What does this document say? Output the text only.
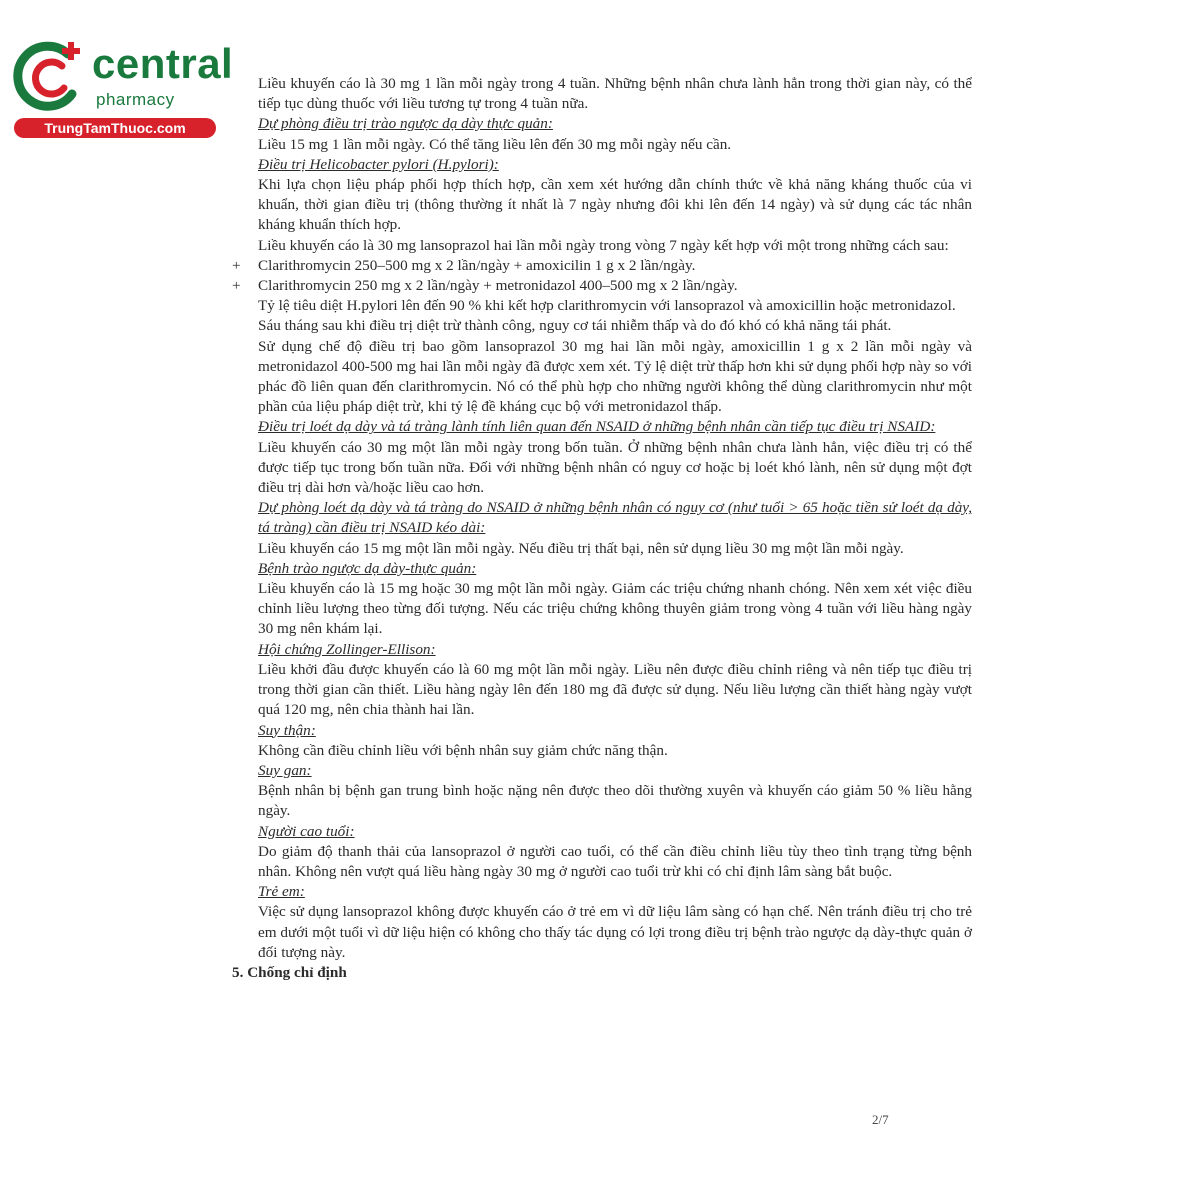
central
pharmacy
TrungTamThuoc.com

Liều khuyến cáo là 30 mg 1 lần mỗi ngày trong 4 tuần. Những bệnh nhân chưa lành hẳn trong thời gian này, có thể tiếp tục dùng thuốc với liều tương tự trong 4 tuần nữa.

Dự phòng điều trị trào ngược dạ dày thực quản:

Liều 15 mg 1 lần mỗi ngày. Có thể tăng liều lên đến 30 mg mỗi ngày nếu cần.

Điều trị Helicobacter pylori (H.pylori):

Khi lựa chọn liệu pháp phối hợp thích hợp, cần xem xét hướng dẫn chính thức về khả năng kháng thuốc của vi khuẩn, thời gian điều trị (thông thường ít nhất là 7 ngày nhưng đôi khi lên đến 14 ngày) và sử dụng các tác nhân kháng khuẩn thích hợp.

Liều khuyến cáo là 30 mg lansoprazol hai lần mỗi ngày trong vòng 7 ngày kết hợp với một trong những cách sau:

+ Clarithromycin 250–500 mg x 2 lần/ngày + amoxicilin 1 g x 2 lần/ngày.

+ Clarithromycin 250 mg x 2 lần/ngày + metronidazol 400–500 mg x 2 lần/ngày.

Tỷ lệ tiêu diệt H.pylori lên đến 90 % khi kết hợp clarithromycin với lansoprazol và amoxicillin hoặc metronidazol.

Sáu tháng sau khi điều trị diệt trừ thành công, nguy cơ tái nhiễm thấp và do đó khó có khả năng tái phát.

Sử dụng chế độ điều trị bao gồm lansoprazol 30 mg hai lần mỗi ngày, amoxicillin 1 g x 2 lần mỗi ngày và metronidazol 400-500 mg hai lần mỗi ngày đã được xem xét. Tỷ lệ diệt trừ thấp hơn khi sử dụng phối hợp này so với phác đồ liên quan đến clarithromycin. Nó có thể phù hợp cho những người không thể dùng clarithromycin như một phần của liệu pháp diệt trừ, khi tỷ lệ đề kháng cục bộ với metronidazol thấp.

Điều trị loét dạ dày và tá tràng lành tính liên quan đến NSAID ở những bệnh nhân cần tiếp tục điều trị NSAID:

Liều khuyến cáo 30 mg một lần mỗi ngày trong bốn tuần. Ở những bệnh nhân chưa lành hẳn, việc điều trị có thể được tiếp tục trong bốn tuần nữa. Đối với những bệnh nhân có nguy cơ hoặc bị loét khó lành, nên sử dụng một đợt điều trị dài hơn và/hoặc liều cao hơn.

Dự phòng loét dạ dày và tá tràng do NSAID ở những bệnh nhân có nguy cơ (như tuổi > 65 hoặc tiền sử loét dạ dày, tá tràng) cần điều trị NSAID kéo dài:

Liều khuyến cáo 15 mg một lần mỗi ngày. Nếu điều trị thất bại, nên sử dụng liều 30 mg một lần mỗi ngày.

Bệnh trào ngược dạ dày-thực quản:

Liều khuyến cáo là 15 mg hoặc 30 mg một lần mỗi ngày. Giảm các triệu chứng nhanh chóng. Nên xem xét việc điều chỉnh liều lượng theo từng đối tượng. Nếu các triệu chứng không thuyên giảm trong vòng 4 tuần với liều hàng ngày 30 mg nên khám lại.

Hội chứng Zollinger-Ellison:

Liều khởi đầu được khuyến cáo là 60 mg một lần mỗi ngày. Liều nên được điều chỉnh riêng và nên tiếp tục điều trị trong thời gian cần thiết. Liều hàng ngày lên đến 180 mg đã được sử dụng. Nếu liều lượng cần thiết hàng ngày vượt quá 120 mg, nên chia thành hai lần.

Suy thận:

Không cần điều chỉnh liều với bệnh nhân suy giảm chức năng thận.

Suy gan:

Bệnh nhân bị bệnh gan trung bình hoặc nặng nên được theo dõi thường xuyên và khuyến cáo giảm 50 % liều hằng ngày.

Người cao tuổi:

Do giảm độ thanh thải của lansoprazol ở người cao tuổi, có thể cần điều chỉnh liều tùy theo tình trạng từng bệnh nhân. Không nên vượt quá liều hàng ngày 30 mg ở người cao tuổi trừ khi có chỉ định lâm sàng bắt buộc.

Trẻ em:

Việc sử dụng lansoprazol không được khuyến cáo ở trẻ em vì dữ liệu lâm sàng có hạn chế. Nên tránh điều trị cho trẻ em dưới một tuổi vì dữ liệu hiện có không cho thấy tác dụng có lợi trong điều trị bệnh trào ngược dạ dày-thực quản ở đối tượng này.

5. Chống chỉ định

2/7
